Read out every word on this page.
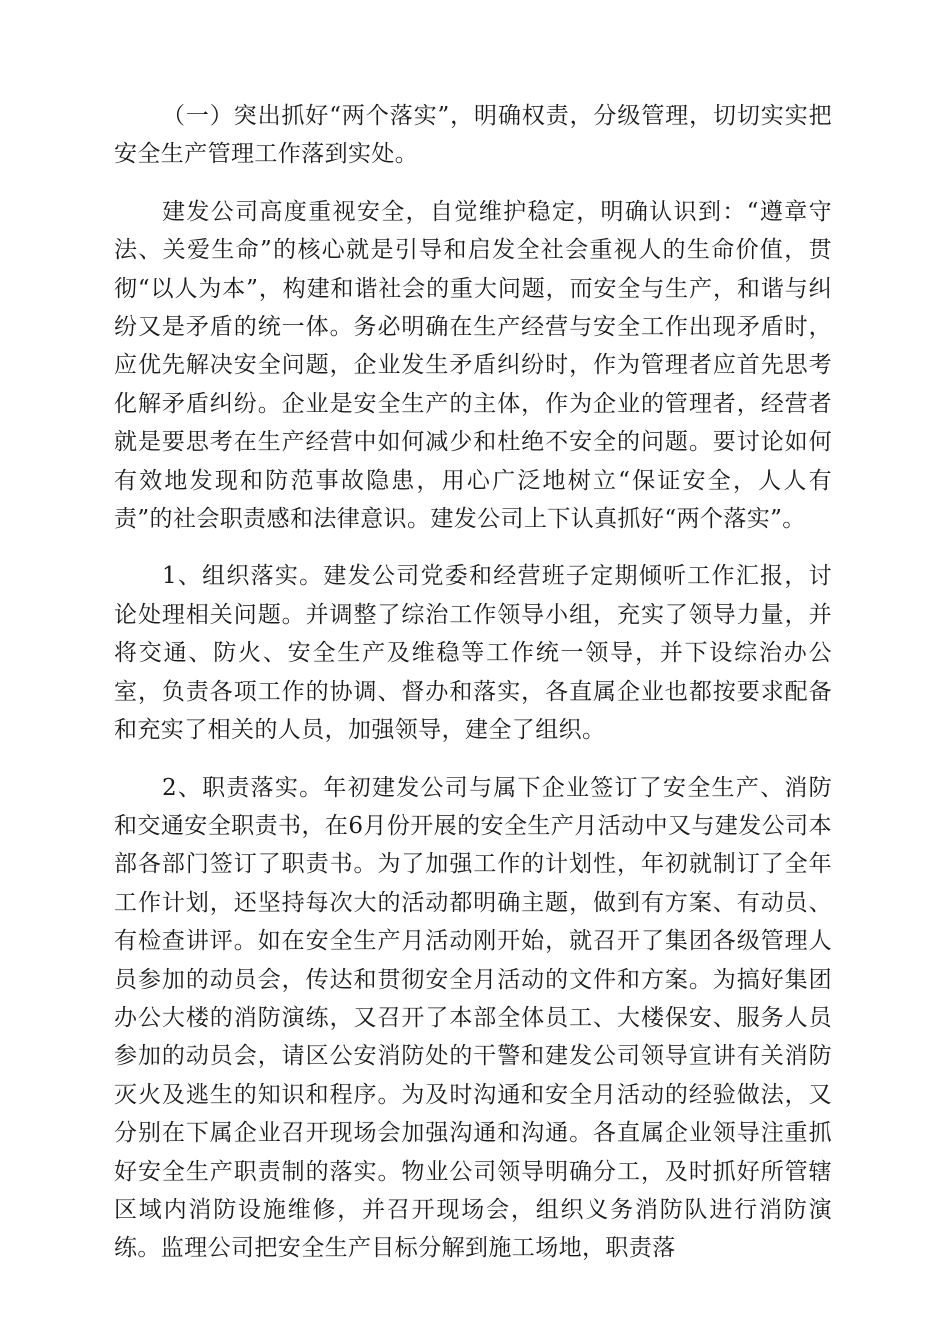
（一）突出抓好“两个落实”，明确权责，分级管理，切切实实把安全生产管理工作落到实处。

建发公司高度重视安全，自觉维护稳定，明确认识到：“遵章守法、关爱生命”的核心就是引导和启发全社会重视人的生命价值，贯彻“以人为本”，构建和谐社会的重大问题，而安全与生产，和谐与纠纷又是矛盾的统一体。务必明确在生产经营与安全工作出现矛盾时，应优先解决安全问题，企业发生矛盾纠纷时，作为管理者应首先思考化解矛盾纠纷。企业是安全生产的主体，作为企业的管理者，经营者就是要思考在生产经营中如何减少和杜绝不安全的问题。要讨论如何有效地发现和防范事故隐患，用心广泛地树立“保证安全，人人有责”的社会职责感和法律意识。建发公司上下认真抓好“两个落实”。

1、组织落实。建发公司党委和经营班子定期倾听工作汇报，讨论处理相关问题。并调整了综治工作领导小组，充实了领导力量，并将交通、防火、安全生产及维稳等工作统一领导，并下设综治办公室，负责各项工作的协调、督办和落实，各直属企业也都按要求配备和充实了相关的人员，加强领导，建全了组织。

2、职责落实。年初建发公司与属下企业签订了安全生产、消防和交通安全职责书，在6月份开展的安全生产月活动中又与建发公司本部各部门签订了职责书。为了加强工作的计划性，年初就制订了全年工作计划，还坚持每次大的活动都明确主题，做到有方案、有动员、有检查讲评。如在安全生产月活动刚开始，就召开了集团各级管理人员参加的动员会，传达和贯彻安全月活动的文件和方案。为搞好集团办公大楼的消防演练，又召开了本部全体员工、大楼保安、服务人员参加的动员会，请区公安消防处的干警和建发公司领导宣讲有关消防灭火及逃生的知识和程序。为及时沟通和安全月活动的经验做法，又分别在下属企业召开现场会加强沟通和沟通。各直属企业领导注重抓好安全生产职责制的落实。物业公司领导明确分工，及时抓好所管辖区域内消防设施维修，并召开现场会，组织义务消防队进行消防演练。监理公司把安全生产目标分解到施工场地，职责落
